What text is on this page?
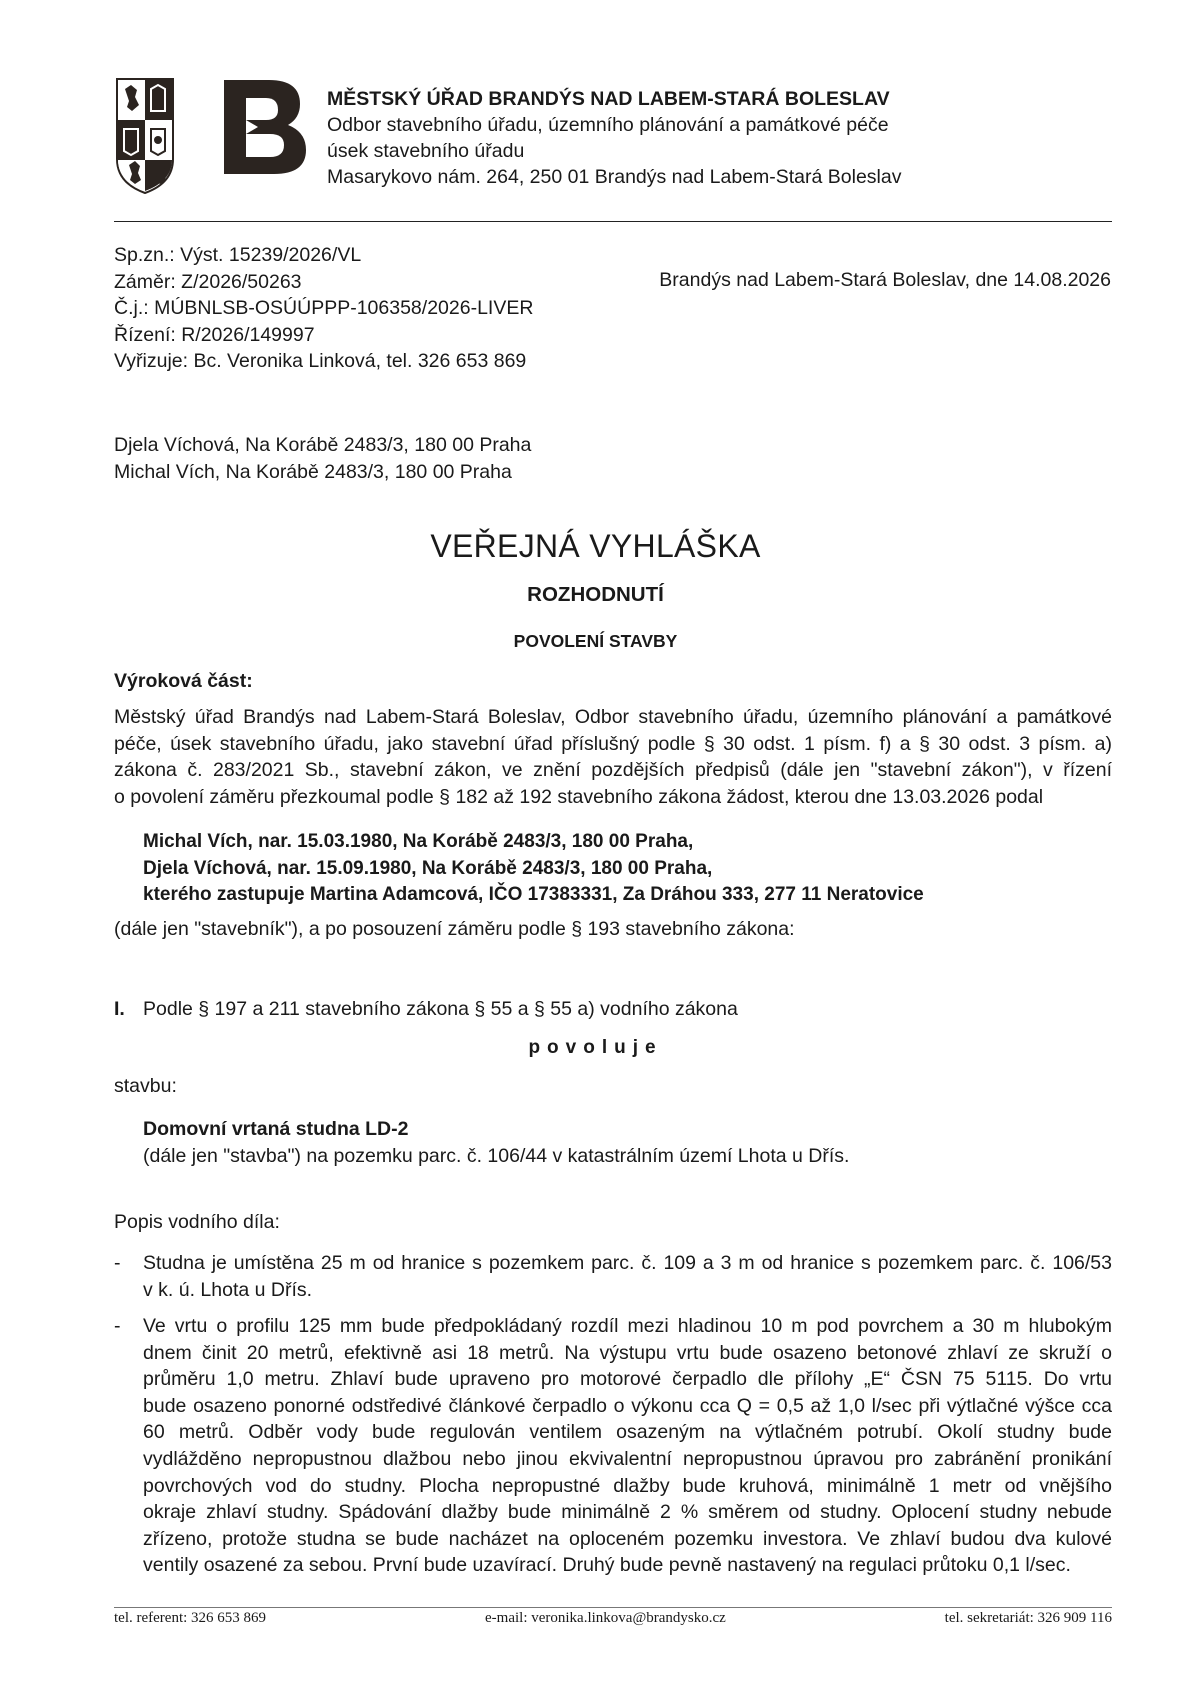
MĚSTSKÝ ÚŘAD BRANDÝS NAD LABEM-STARÁ BOLESLAV
Odbor stavebního úřadu, územního plánování a památkové péče
úsek stavebního úřadu
Masarykovo nám. 264, 250 01 Brandýs nad Labem-Stará Boleslav
Sp.zn.: Výst. 15239/2026/VL
Záměr: Z/2026/50263
Č.j.: MÚBNLSB-OSÚÚPPP-106358/2026-LIVER
Řízení: R/2026/149997
Vyřizuje: Bc. Veronika Linková, tel. 326 653 869
Brandýs nad Labem-Stará Boleslav, dne 14.08.2026
Djela Víchová, Na Korábě 2483/3, 180 00 Praha
Michal Vích, Na Korábě 2483/3, 180 00 Praha
VEŘEJNÁ VYHLÁŠKA
ROZHODNUTÍ
POVOLENÍ STAVBY
Výroková část:
Městský úřad Brandýs nad Labem-Stará Boleslav, Odbor stavebního úřadu, územního plánování a památkové
péče, úsek stavebního úřadu, jako stavební úřad příslušný podle § 30 odst. 1 písm. f) a § 30 odst. 3 písm. a)
zákona č. 283/2021 Sb., stavební zákon, ve znění pozdějších předpisů (dále jen "stavební zákon"), v řízení
o povolení záměru přezkoumal podle § 182 až 192 stavebního zákona žádost, kterou dne 13.03.2026 podal
Michal Vích, nar. 15.03.1980, Na Korábě 2483/3, 180 00 Praha,
Djela Víchová, nar. 15.09.1980, Na Korábě 2483/3, 180 00 Praha,
kterého zastupuje Martina Adamcová, IČO 17383331, Za Dráhou 333, 277 11 Neratovice
(dále jen "stavebník"), a po posouzení záměru podle § 193 stavebního zákona:
I. Podle § 197 a 211 stavebního zákona § 55 a § 55 a) vodního zákona
povoluje
stavbu:
Domovní vrtaná studna LD-2
(dále jen "stavba") na pozemku parc. č. 106/44 v katastrálním území Lhota u Dřís.
Popis vodního díla:
- Studna je umístěna 25 m od hranice s pozemkem parc. č. 109 a 3 m od hranice s pozemkem parc. č. 106/53
v k. ú. Lhota u Dřís.
- Ve vrtu o profilu 125 mm bude předpokládaný rozdíl mezi hladinou 10 m pod povrchem a 30 m hlubokým
dnem činit 20 metrů, efektivně asi 18 metrů. Na výstupu vrtu bude osazeno betonové zhlaví ze skruží o
průměru 1,0 metru. Zhlaví bude upraveno pro motorové čerpadlo dle přílohy „E“ ČSN 75 5115. Do vrtu
bude osazeno ponorné odstředivé článkové čerpadlo o výkonu cca Q = 0,5 až 1,0 l/sec při výtlačné výšce cca
60 metrů. Odběr vody bude regulován ventilem osazeným na výtlačném potrubí. Okolí studny bude
vydlážděno nepropustnou dlažbou nebo jinou ekvivalentní nepropustnou úpravou pro zabránění pronikání
povrchových vod do studny. Plocha nepropustné dlažby bude kruhová, minimálně 1 metr od vnějšího
okraje zhlaví studny. Spádování dlažby bude minimálně 2 % směrem od studny. Oplocení studny nebude
zřízeno, protože studna se bude nacházet na oploceném pozemku investora. Ve zhlaví budou dva kulové
ventily osazené za sebou. První bude uzavírací. Druhý bude pevně nastavený na regulaci průtoku 0,1 l/sec.
tel. referent: 326 653 869	e-mail: veronika.linkova@brandysko.cz	tel. sekretariát: 326 909 116
